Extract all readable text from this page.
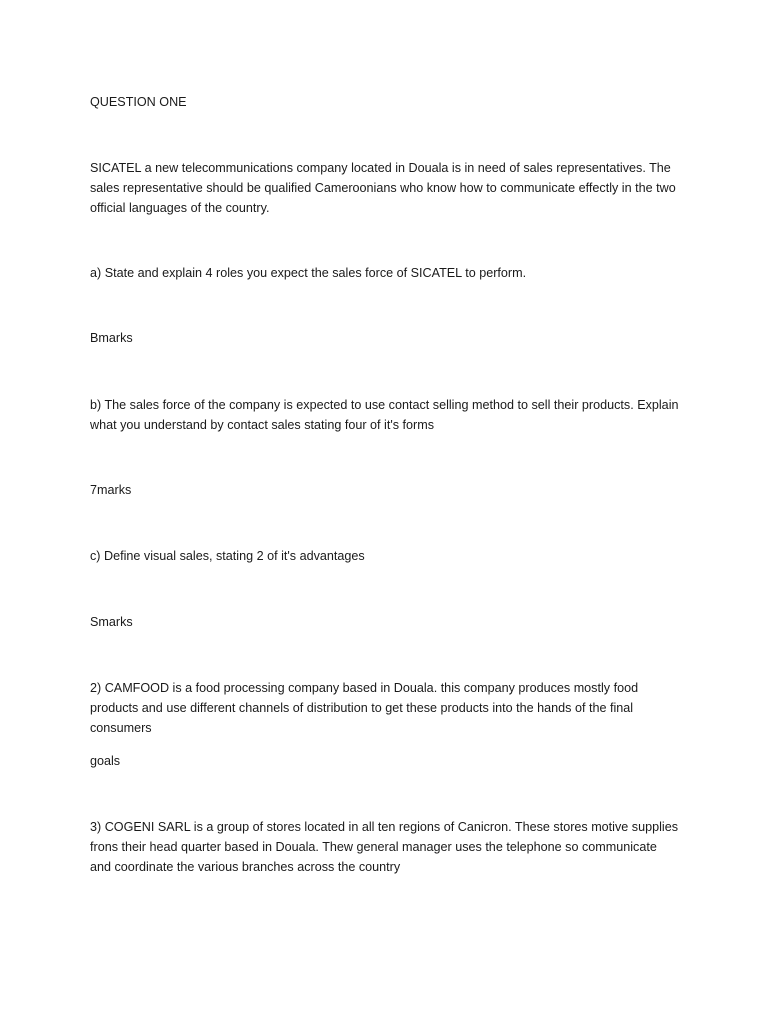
QUESTION ONE

SICATEL a new telecommunications company located in Douala is in need of sales representatives. The sales representative should be qualified Cameroonians who know how to communicate effectly in the two official languages of the country.

a) State and explain 4 roles you expect the sales force of SICATEL to perform.

Bmarks

b) The sales force of the company is expected to use contact selling method to sell their products. Explain what you understand by contact sales stating four of it's forms

7marks

c) Define visual sales, stating 2 of it's advantages

Smarks

2) CAMFOOD is a food processing company based in Douala. this company produces mostly food products and use different channels of distribution to get these products into the hands of the final consumers

goals

3) COGENI SARL is a group of stores located in all ten regions of Canicron. These stores motive supplies frons their head quarter based in Douala. Thew general manager uses the telephone so communicate and coordinate the various branches across the country
